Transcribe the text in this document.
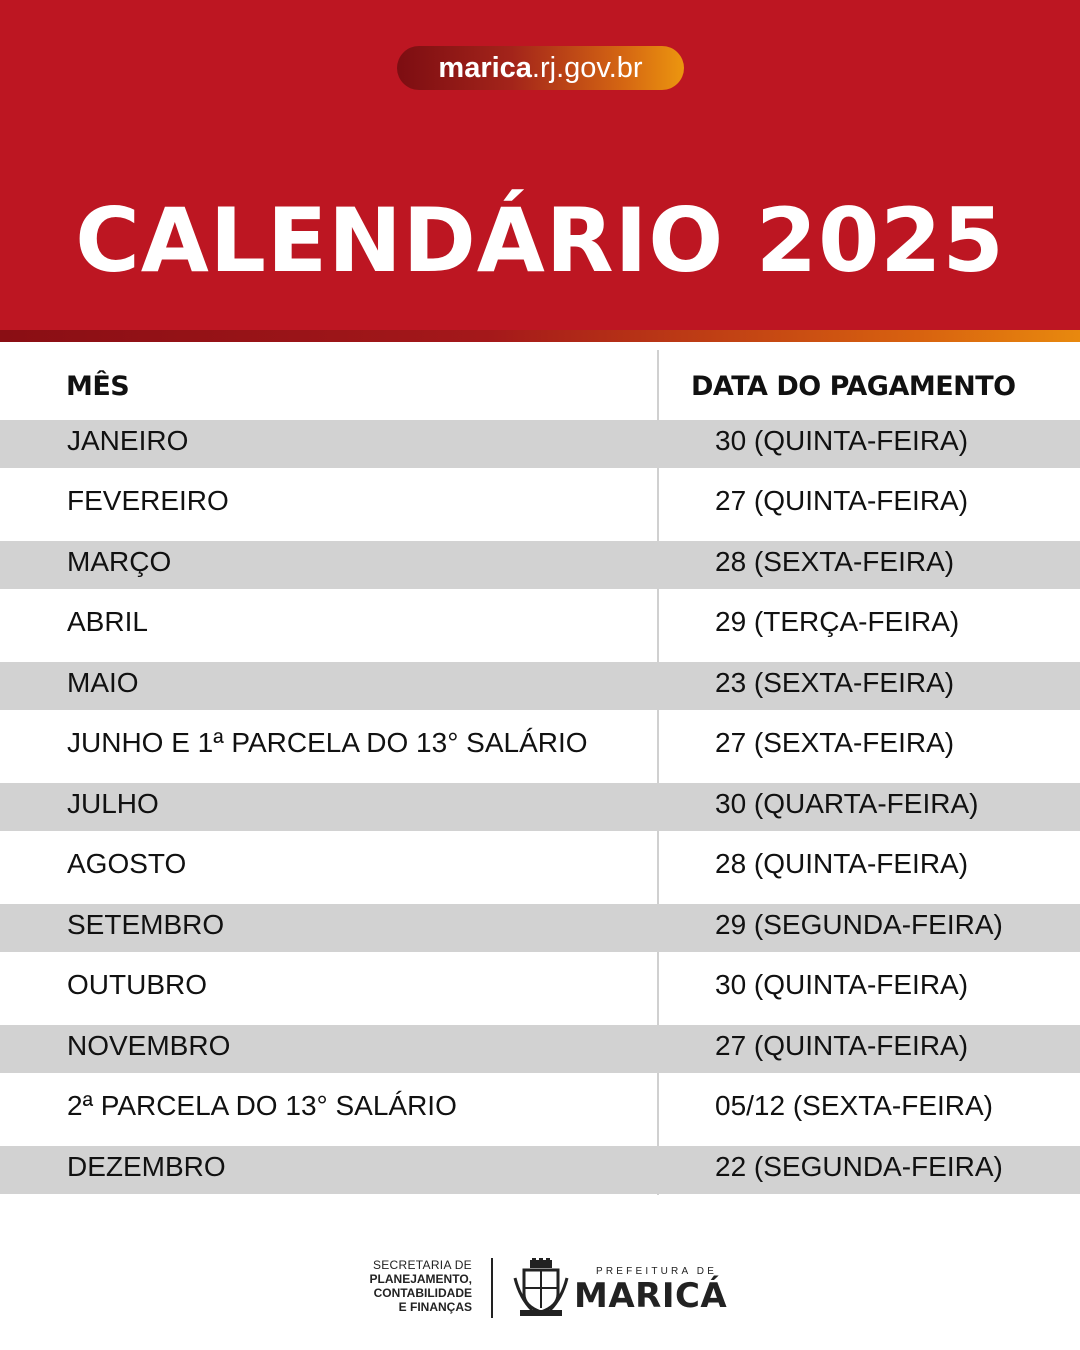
marica.rj.gov.br
CALENDÁRIO 2025
MÊS	DATA DO PAGAMENTO
JANEIRO	30 (QUINTA-FEIRA)
FEVEREIRO	27 (QUINTA-FEIRA)
MARÇO	28 (SEXTA-FEIRA)
ABRIL	29 (TERÇA-FEIRA)
MAIO	23 (SEXTA-FEIRA)
JUNHO E 1ª PARCELA DO 13° SALÁRIO	27 (SEXTA-FEIRA)
JULHO	30 (QUARTA-FEIRA)
AGOSTO	28 (QUINTA-FEIRA)
SETEMBRO	29 (SEGUNDA-FEIRA)
OUTUBRO	30 (QUINTA-FEIRA)
NOVEMBRO	27 (QUINTA-FEIRA)
2ª PARCELA DO 13° SALÁRIO	05/12 (SEXTA-FEIRA)
DEZEMBRO	22 (SEGUNDA-FEIRA)
SECRETARIA DE
PLANEJAMENTO,
CONTABILIDADE
E FINANÇAS
PREFEITURA DE
MARICÁ
